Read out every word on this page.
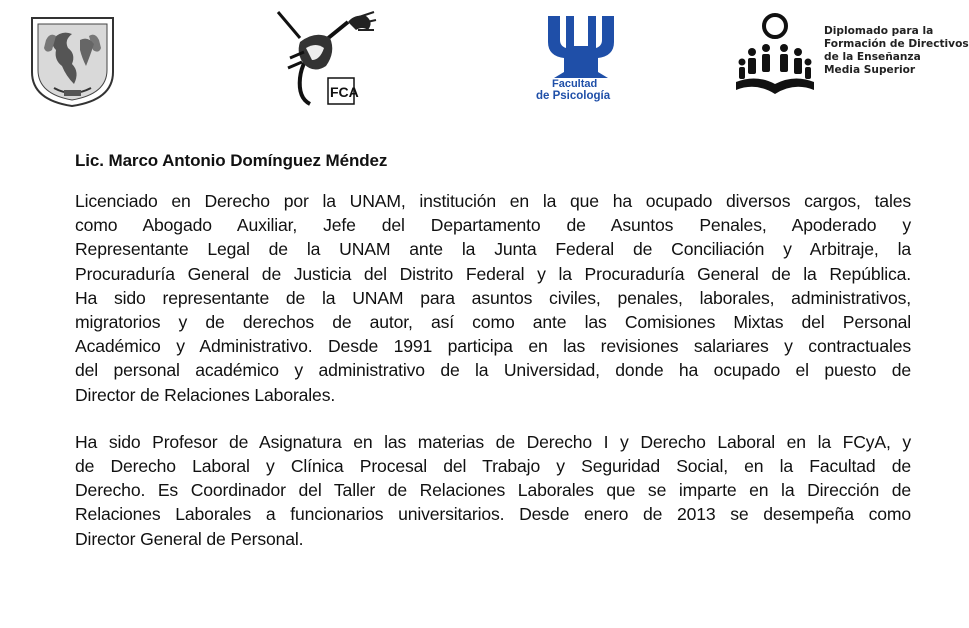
FCA	Facultad
de Psicología
Diplomado para la
Formación de Directivos
de la Enseñanza
Media Superior
Lic. Marco Antonio Domínguez Méndez
Licenciado en Derecho por la UNAM, institución en la que ha ocupado diversos cargos, tales
como Abogado Auxiliar, Jefe del Departamento de Asuntos Penales, Apoderado y
Representante Legal de la UNAM ante la Junta Federal de Conciliación y Arbitraje, la
Procuraduría General de Justicia del Distrito Federal y la Procuraduría General de la República.
Ha sido representante de la UNAM para asuntos civiles, penales, laborales, administrativos,
migratorios y de derechos de autor, así como ante las Comisiones Mixtas del Personal
Académico y Administrativo. Desde 1991 participa en las revisiones salariares y contractuales
del personal académico y administrativo de la Universidad, donde ha ocupado el puesto de
Director de Relaciones Laborales.
Ha sido Profesor de Asignatura en las materias de Derecho I y Derecho Laboral en la FCyA, y
de Derecho Laboral y Clínica Procesal del Trabajo y Seguridad Social, en la Facultad de
Derecho. Es Coordinador del Taller de Relaciones Laborales que se imparte en la Dirección de
Relaciones Laborales a funcionarios universitarios. Desde enero de 2013 se desempeña como
Director General de Personal.
